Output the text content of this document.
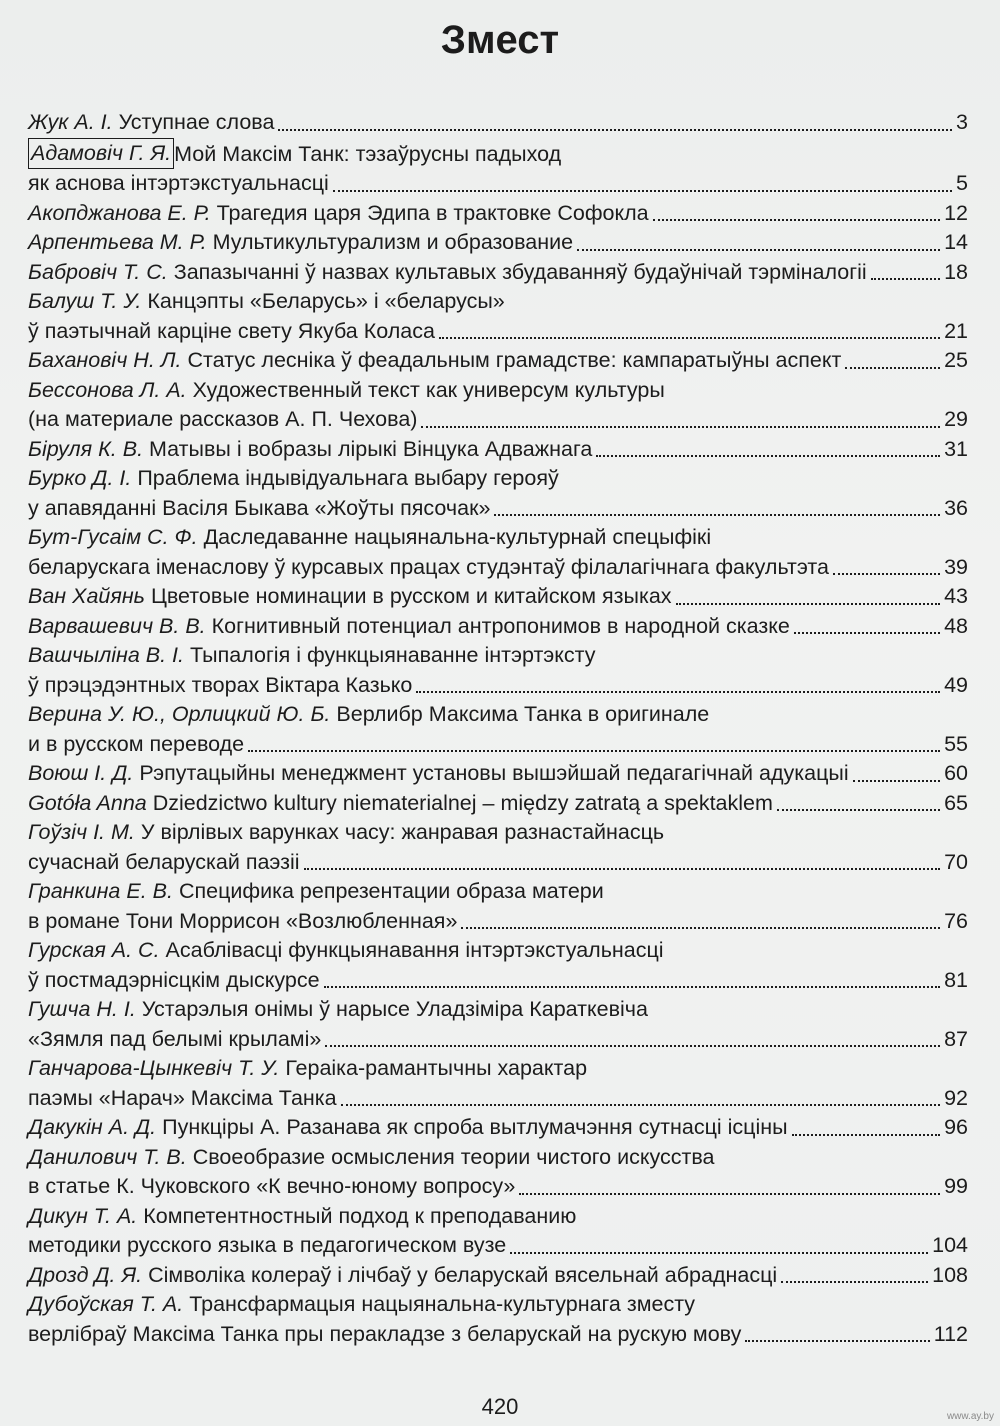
Змест
Жук А. І.
Уступнае слова	3
Адамовіч Г. Я. Мой Максім Танк: тэзаўрусны падыход
як аснова інтэртэкстуальнасці	5
Акопджанова Е. Р.
Трагедия царя Эдипа в трактовке Софокла	12
Арпентьева М. Р.
Мультикультурализм и образование	14
Бабровіч Т. С.
Запазычанні ў назвах культавых збудаванняў будаўнічай тэрміналогіі	18
Балуш Т. У.
Канцэпты «Беларусь» і «беларусы»
ў паэтычнай карціне свету Якуба Коласа	21
Бахановіч Н. Л.
Статус лесніка ў феадальным грамадстве: кампаратыўны аспект	25
Бессонова Л. А.
Художественный текст как универсум культуры
(на материале рассказов А. П. Чехова)	29
Біруля К. В.
Матывы і вобразы лірыкі Вінцука Адважнага	31
Бурко Д. І.
Праблема індывідуальнага выбару герояў
у апавяданні Васіля Быкава «Жоўты пясочак»	36
Бут-Гусаім С. Ф.
Даследаванне нацыянальна-культурнай спецыфікі
беларускага іменаслову ў курсавых працах студэнтаў філалагічнага факультэта	39
Ван Хайянь
Цветовые номинации в русском и китайском языках	43
Варвашевич В. В.
Когнитивный потенциал антропонимов в народной сказке	48
Вашчыліна В. І.
Тыпалогія і функцыянаванне інтэртэксту
ў прэцэдэнтных творах Віктара Казько	49
Верина У. Ю., Орлицкий Ю. Б.
Верлибр Максима Танка в оригинале
и в русском переводе	55
Воюш І. Д.
Рэпутацыйны менеджмент установы вышэйшай педагагічнай адукацыі	60
Gotóła Anna
Dziedzictwo kultury niematerialnej – między zatratą a spektaklem	65
Гоўзіч І. М.
У вірлівых варунках часу: жанравая разнастайнасць
сучаснай беларускай паэзіі	70
Гранкина Е. В.
Специфика репрезентации образа матери
в романе Тони Моррисон «Возлюбленная»	76
Гурская А. С.
Асаблівасці функцыянавання інтэртэкстуальнасці
ў постмадэрнісцкім дыскурсе	81
Гушча Н. І.
Устарэлыя онімы ў нарысе Уладзіміра Караткевіча
«Зямля пад белымі крыламі»	87
Ганчарова-Цынкевіч Т. У.
Гераіка-рамантычны характар
паэмы «Нарач» Максіма Танка	92
Дакукін А. Д.
Пункціры А. Разанава як спроба вытлумачэння сутнасці ісціны	96
Данилович Т. В.
Своеобразие осмысления теории чистого искусства
в статье К. Чуковского «К вечно-юному вопросу»	99
Дикун Т. А.
Компетентностный подход к преподаванию
методики русского языка в педагогическом вузе	104
Дрозд Д. Я.
Сімволіка колераў і лічбаў у беларускай вясельнай абраднасці	108
Дубоўская Т. А.
Трансфармацыя нацыянальна-культурнага зместу
верлібраў Максіма Танка пры перакладзе з беларускай на рускую мову	112
420	www.ay.by
